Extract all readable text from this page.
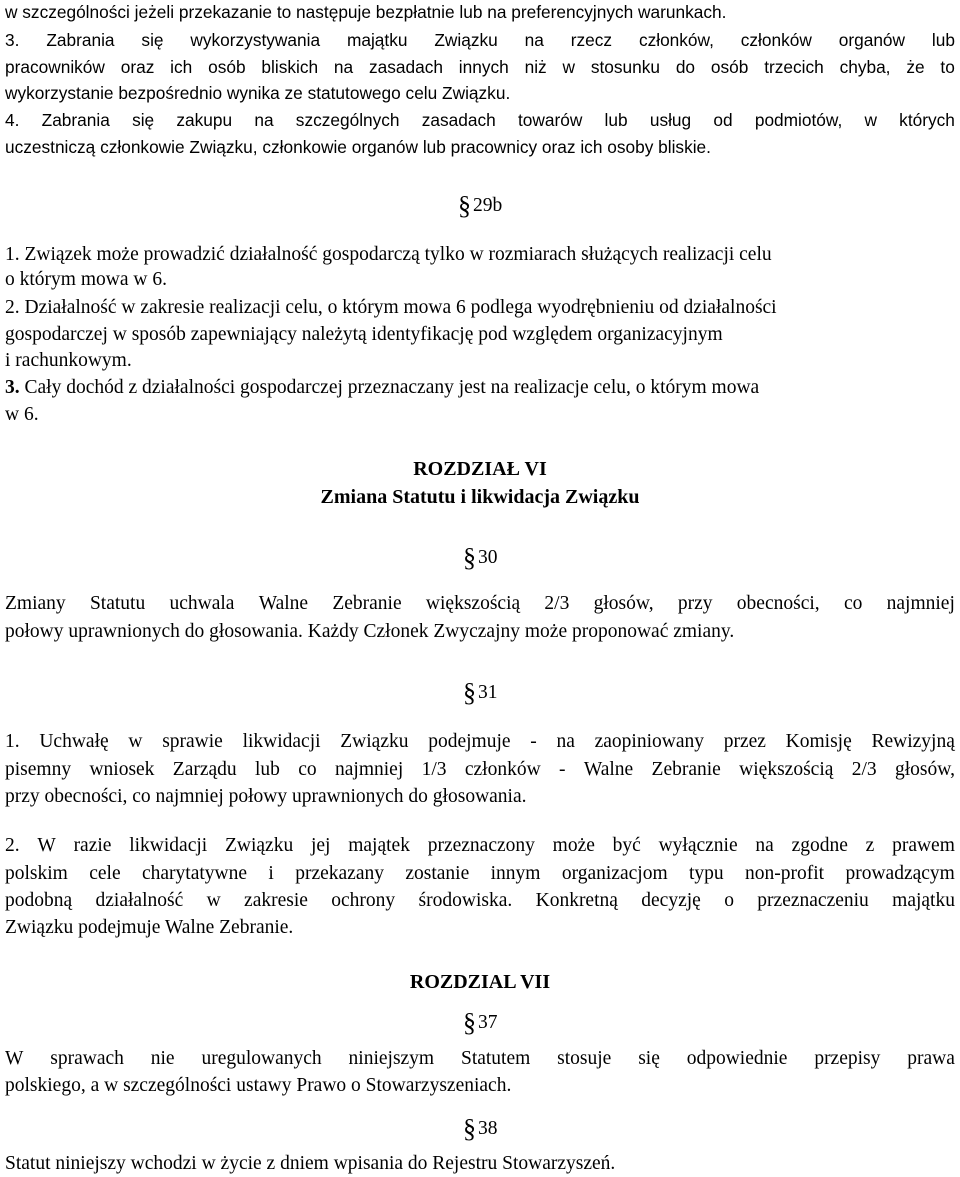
w szczególności jeżeli przekazanie to następuje bezpłatnie lub na preferencyjnych warunkach.
3. Zabrania się wykorzystywania majątku Związku na rzecz członków, członków organów lub
pracowników oraz ich osób bliskich na zasadach innych niż w stosunku do osób trzecich chyba, że to
wykorzystanie bezpośrednio wynika ze statutowego celu Związku.
4. Zabrania się zakupu na szczególnych zasadach towarów lub usług od podmiotów, w których
uczestniczą członkowie Związku, członkowie organów lub pracownicy oraz ich osoby bliskie.
§ 29b
1. Związek może prowadzić działalność gospodarczą tylko w rozmiarach służących realizacji celu
o którym mowa w 6.
2. Działalność w zakresie realizacji celu, o którym mowa 6 podlega wyodrębnieniu od działalności
gospodarczej w sposób zapewniający należytą identyfikację pod względem organizacyjnym
i rachunkowym.
3. Cały dochód z działalności gospodarczej przeznaczany jest na realizacje celu, o którym mowa
w 6.
ROZDZIAŁ VI
Zmiana Statutu i likwidacja Związku
§ 30
Zmiany Statutu uchwala Walne Zebranie większością 2/3 głosów, przy obecności, co najmniej
połowy uprawnionych do głosowania. Każdy Członek Zwyczajny może proponować zmiany.
§ 31
1. Uchwałę w sprawie likwidacji Związku podejmuje - na zaopiniowany przez Komisję Rewizyjną
pisemny wniosek Zarządu lub co najmniej 1/3 członków - Walne Zebranie większością 2/3 głosów,
przy obecności, co najmniej połowy uprawnionych do głosowania.
2. W razie likwidacji Związku jej majątek przeznaczony może być wyłącznie na zgodne z prawem
polskim cele charytatywne i przekazany zostanie innym organizacjom typu non-profit prowadzącym
podobną działalność w zakresie ochrony środowiska. Konkretną decyzję o przeznaczeniu majątku
Związku podejmuje Walne Zebranie.
ROZDZIAL VII
§ 37
W sprawach nie uregulowanych niniejszym Statutem stosuje się odpowiednie przepisy prawa
polskiego, a w szczególności ustawy Prawo o Stowarzyszeniach.
§ 38
Statut niniejszy wchodzi w życie z dniem wpisania do Rejestru Stowarzyszeń.
